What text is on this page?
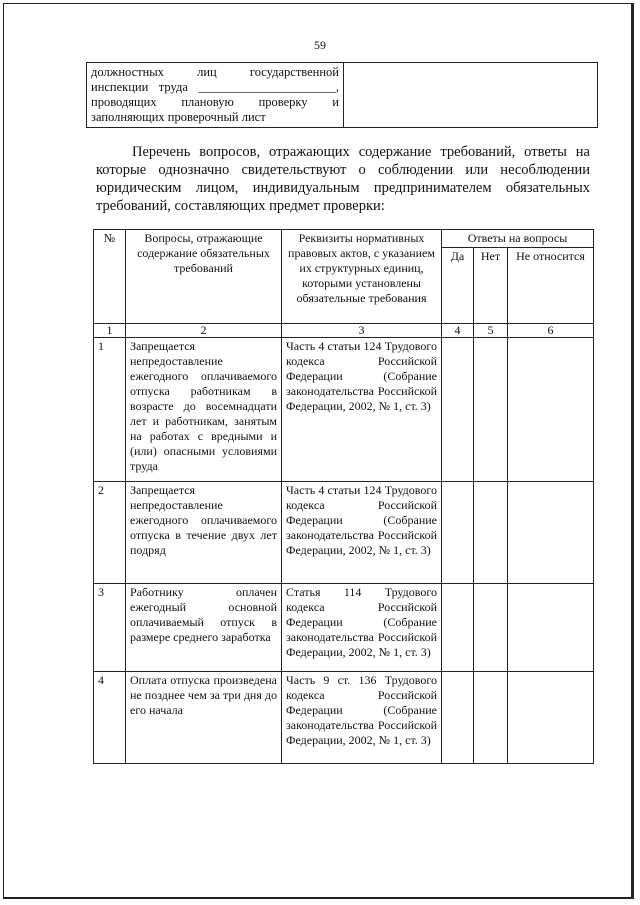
59
должностных лиц государственной
инспекции труда ______________________,
проводящих плановую проверку и
заполняющих проверочный лист

Перечень вопросов, отражающих содержание требований, ответы на которые однозначно свидетельствуют о соблюдении или несоблюдении юридическим лицом, индивидуальным предпринимателем обязательных требований, составляющих предмет проверки:

№	Вопросы, отражающие содержание обязательных требований	Реквизиты нормативных правовых актов, с указанием их структурных единиц, которыми установлены обязательные требования	Ответы на вопросы		
			Да	Нет	Не относится
1	2	3	4	5	6
1	Запрещается непредоставление ежегодного оплачиваемого отпуска работникам в возрасте до восемнадцати лет и работникам, занятым на работах с вредными и (или) опасными условиями труда	Часть 4 статьи 124 Трудового кодекса Российской Федерации (Собрание законодательства Российской Федерации, 2002, № 1, ст. 3)			
2	Запрещается непредоставление ежегодного оплачиваемого отпуска в течение двух лет подряд	Часть 4 статьи 124 Трудового кодекса Российской Федерации (Собрание законодательства Российской Федерации, 2002, № 1, ст. 3)			
3	Работнику оплачен ежегодный основной оплачиваемый отпуск в размере среднего заработка	Статья 114 Трудового кодекса Российской Федерации (Собрание законодательства Российской Федерации, 2002, № 1, ст. 3)			
4	Оплата отпуска произведена не позднее чем за три дня до его начала	Часть 9 ст. 136 Трудового кодекса Российской Федерации (Собрание законодательства Российской Федерации, 2002, № 1, ст. 3)			
